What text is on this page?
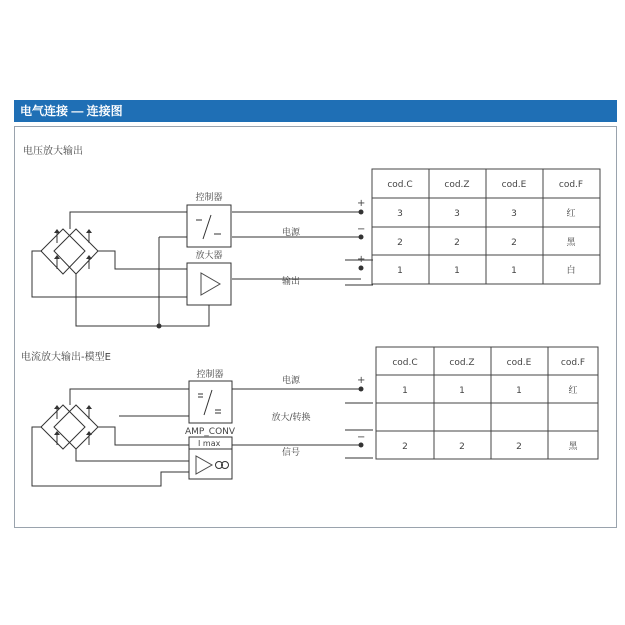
电气连接 — 连接图
电压放大输出
控制器
放大器
电源
输出
+
−
+
cod.C	cod.Z	cod.E	cod.F
3	3	3	红
2	2	2	黑
1	1	1	白
电流放大输出-模型E
控制器
AMP_CONV
I max
电源
放大/转换
信号
+
−
cod.C	cod.Z	cod.E	cod.F
1	1	1	红
2	2	2	黑
